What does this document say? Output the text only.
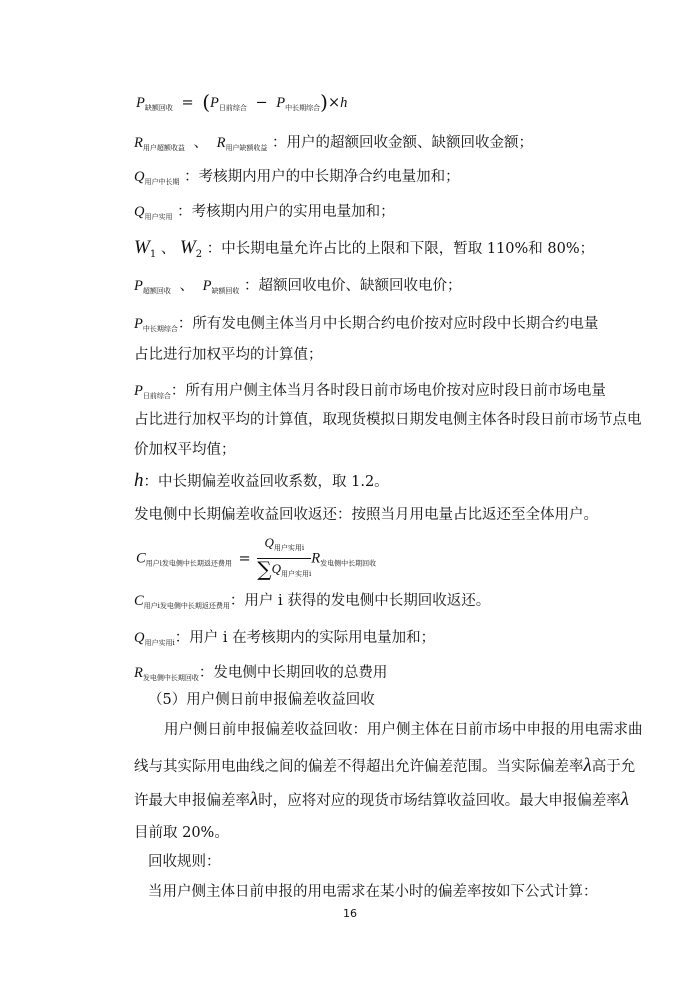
$P_{缺额回收} = (P_{日前综合} - P_{中长期综合})\times h$
$R_{用户超额收益}$ 、 $R_{用户缺额收益}$ ：用户的超额回收金额、缺额回收金额；
$Q_{用户中长期}$ ：考核期内用户的中长期净合约电量加和；
$Q_{用户实用}$ ：考核期内用户的实用电量加和；
$W_1$ 、 $W_2$ ：中长期电量允许占比的上限和下限，暂取 110%和 80%；
$P_{超额回收}$ 、 $P_{缺额回收}$ ：超额回收电价、缺额回收电价；
$P_{中长期综合}$：所有发电侧主体当月中长期合约电价按对应时段中长期合约电量
占比进行加权平均的计算值；
$P_{日前综合}$：所有用户侧主体当月各时段日前市场电价按对应时段日前市场电量
占比进行加权平均的计算值，取现货模拟日期发电侧主体各时段日前市场节点电
价加权平均值；
h：中长期偏差收益回收系数，取 1.2。
发电侧中长期偏差收益回收返还：按照当月用电量占比返还至全体用户。
$C_{用户i发电侧中长期返还费用} = \frac{Q_{用户实用i}}{\sum Q_{用户实用i}} R_{发电侧中长期回收}$
$C_{用户i发电侧中长期返还费用}$：用户 i 获得的发电侧中长期回收返还。
$Q_{用户实用i}$：用户 i 在考核期内的实际用电量加和；
$R_{发电侧中长期回收}$：发电侧中长期回收的总费用
（5）用户侧日前申报偏差收益回收
用户侧日前申报偏差收益回收：用户侧主体在日前市场中申报的用电需求曲
线与其实际用电曲线之间的偏差不得超出允许偏差范围。当实际偏差率λ高于允
许最大申报偏差率λ时，应将对应的现货市场结算收益回收。最大申报偏差率λ
目前取 20%。
回收规则：
当用户侧主体日前申报的用电需求在某小时的偏差率按如下公式计算：
16
